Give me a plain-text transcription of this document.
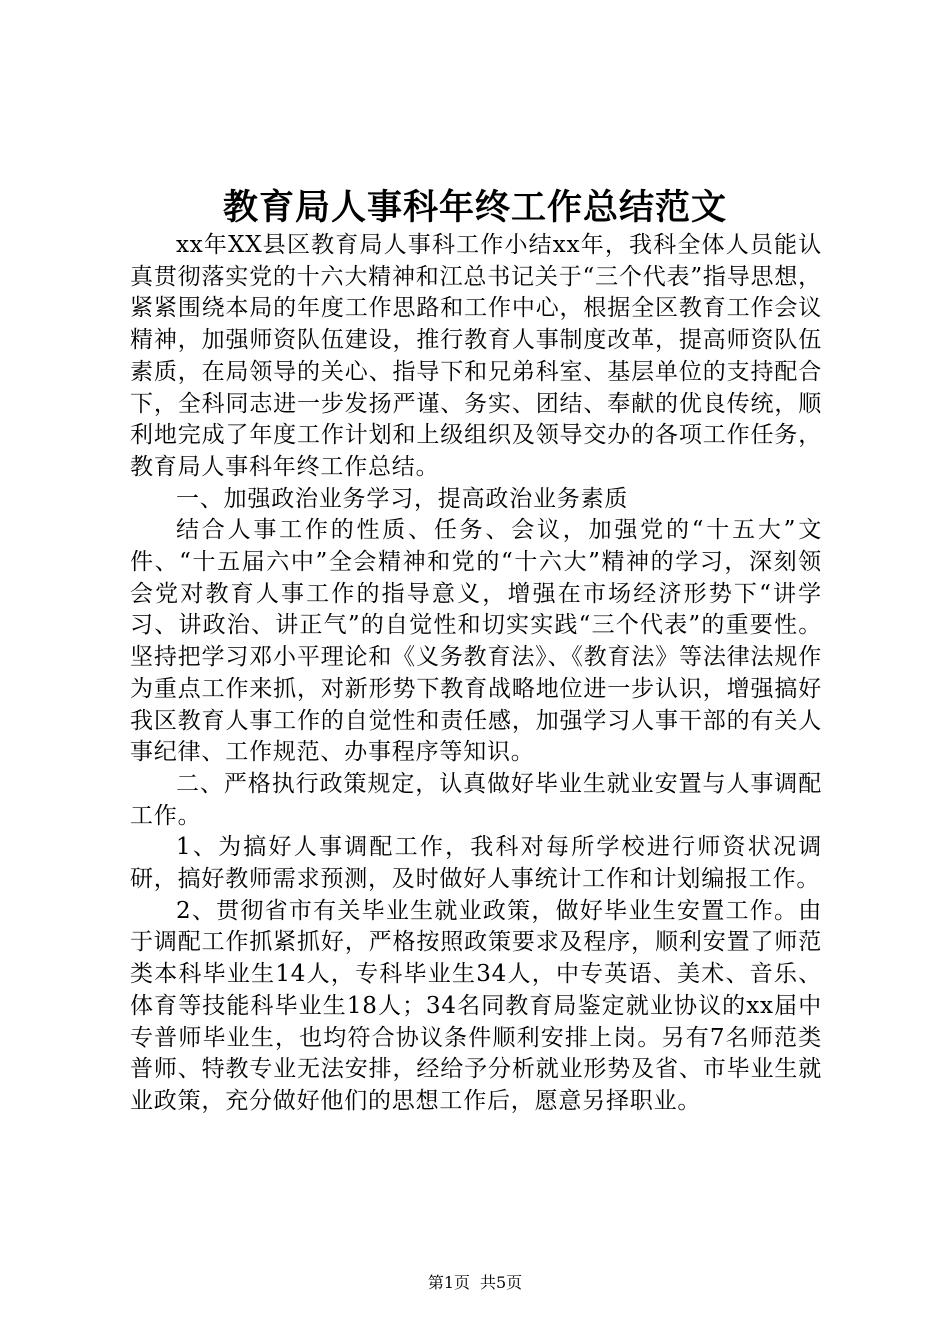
教育局人事科年终工作总结范文

xx年XX县区教育局人事科工作小结xx年，我科全体人员能认真贯彻落实党的十六大精神和江总书记关于“三个代表”指导思想，紧紧围绕本局的年度工作思路和工作中心，根据全区教育工作会议精神，加强师资队伍建设，推行教育人事制度改革，提高师资队伍素质，在局领导的关心、指导下和兄弟科室、基层单位的支持配合下，全科同志进一步发扬严谨、务实、团结、奉献的优良传统，顺利地完成了年度工作计划和上级组织及领导交办的各项工作任务，教育局人事科年终工作总结。

一、加强政治业务学习，提高政治业务素质

结合人事工作的性质、任务、会议，加强党的“十五大”文件、“十五届六中”全会精神和党的“十六大”精神的学习，深刻领会党对教育人事工作的指导意义，增强在市场经济形势下“讲学习、讲政治、讲正气”的自觉性和切实实践“三个代表”的重要性。坚持把学习邓小平理论和《义务教育法》、《教育法》等法律法规作为重点工作来抓，对新形势下教育战略地位进一步认识，增强搞好我区教育人事工作的自觉性和责任感，加强学习人事干部的有关人事纪律、工作规范、办事程序等知识。

二、严格执行政策规定，认真做好毕业生就业安置与人事调配工作。

1、为搞好人事调配工作，我科对每所学校进行师资状况调研，搞好教师需求预测，及时做好人事统计工作和计划编报工作。

2、贯彻省市有关毕业生就业政策，做好毕业生安置工作。由于调配工作抓紧抓好，严格按照政策要求及程序，顺利安置了师范类本科毕业生14人，专科毕业生34人，中专英语、美术、音乐、体育等技能科毕业生18人；34名同教育局鉴定就业协议的xx届中专普师毕业生，也均符合协议条件顺利安排上岗。另有7名师范类普师、特教专业无法安排，经给予分析就业形势及省、市毕业生就业政策，充分做好他们的思想工作后，愿意另择职业。

第1页 共5页
